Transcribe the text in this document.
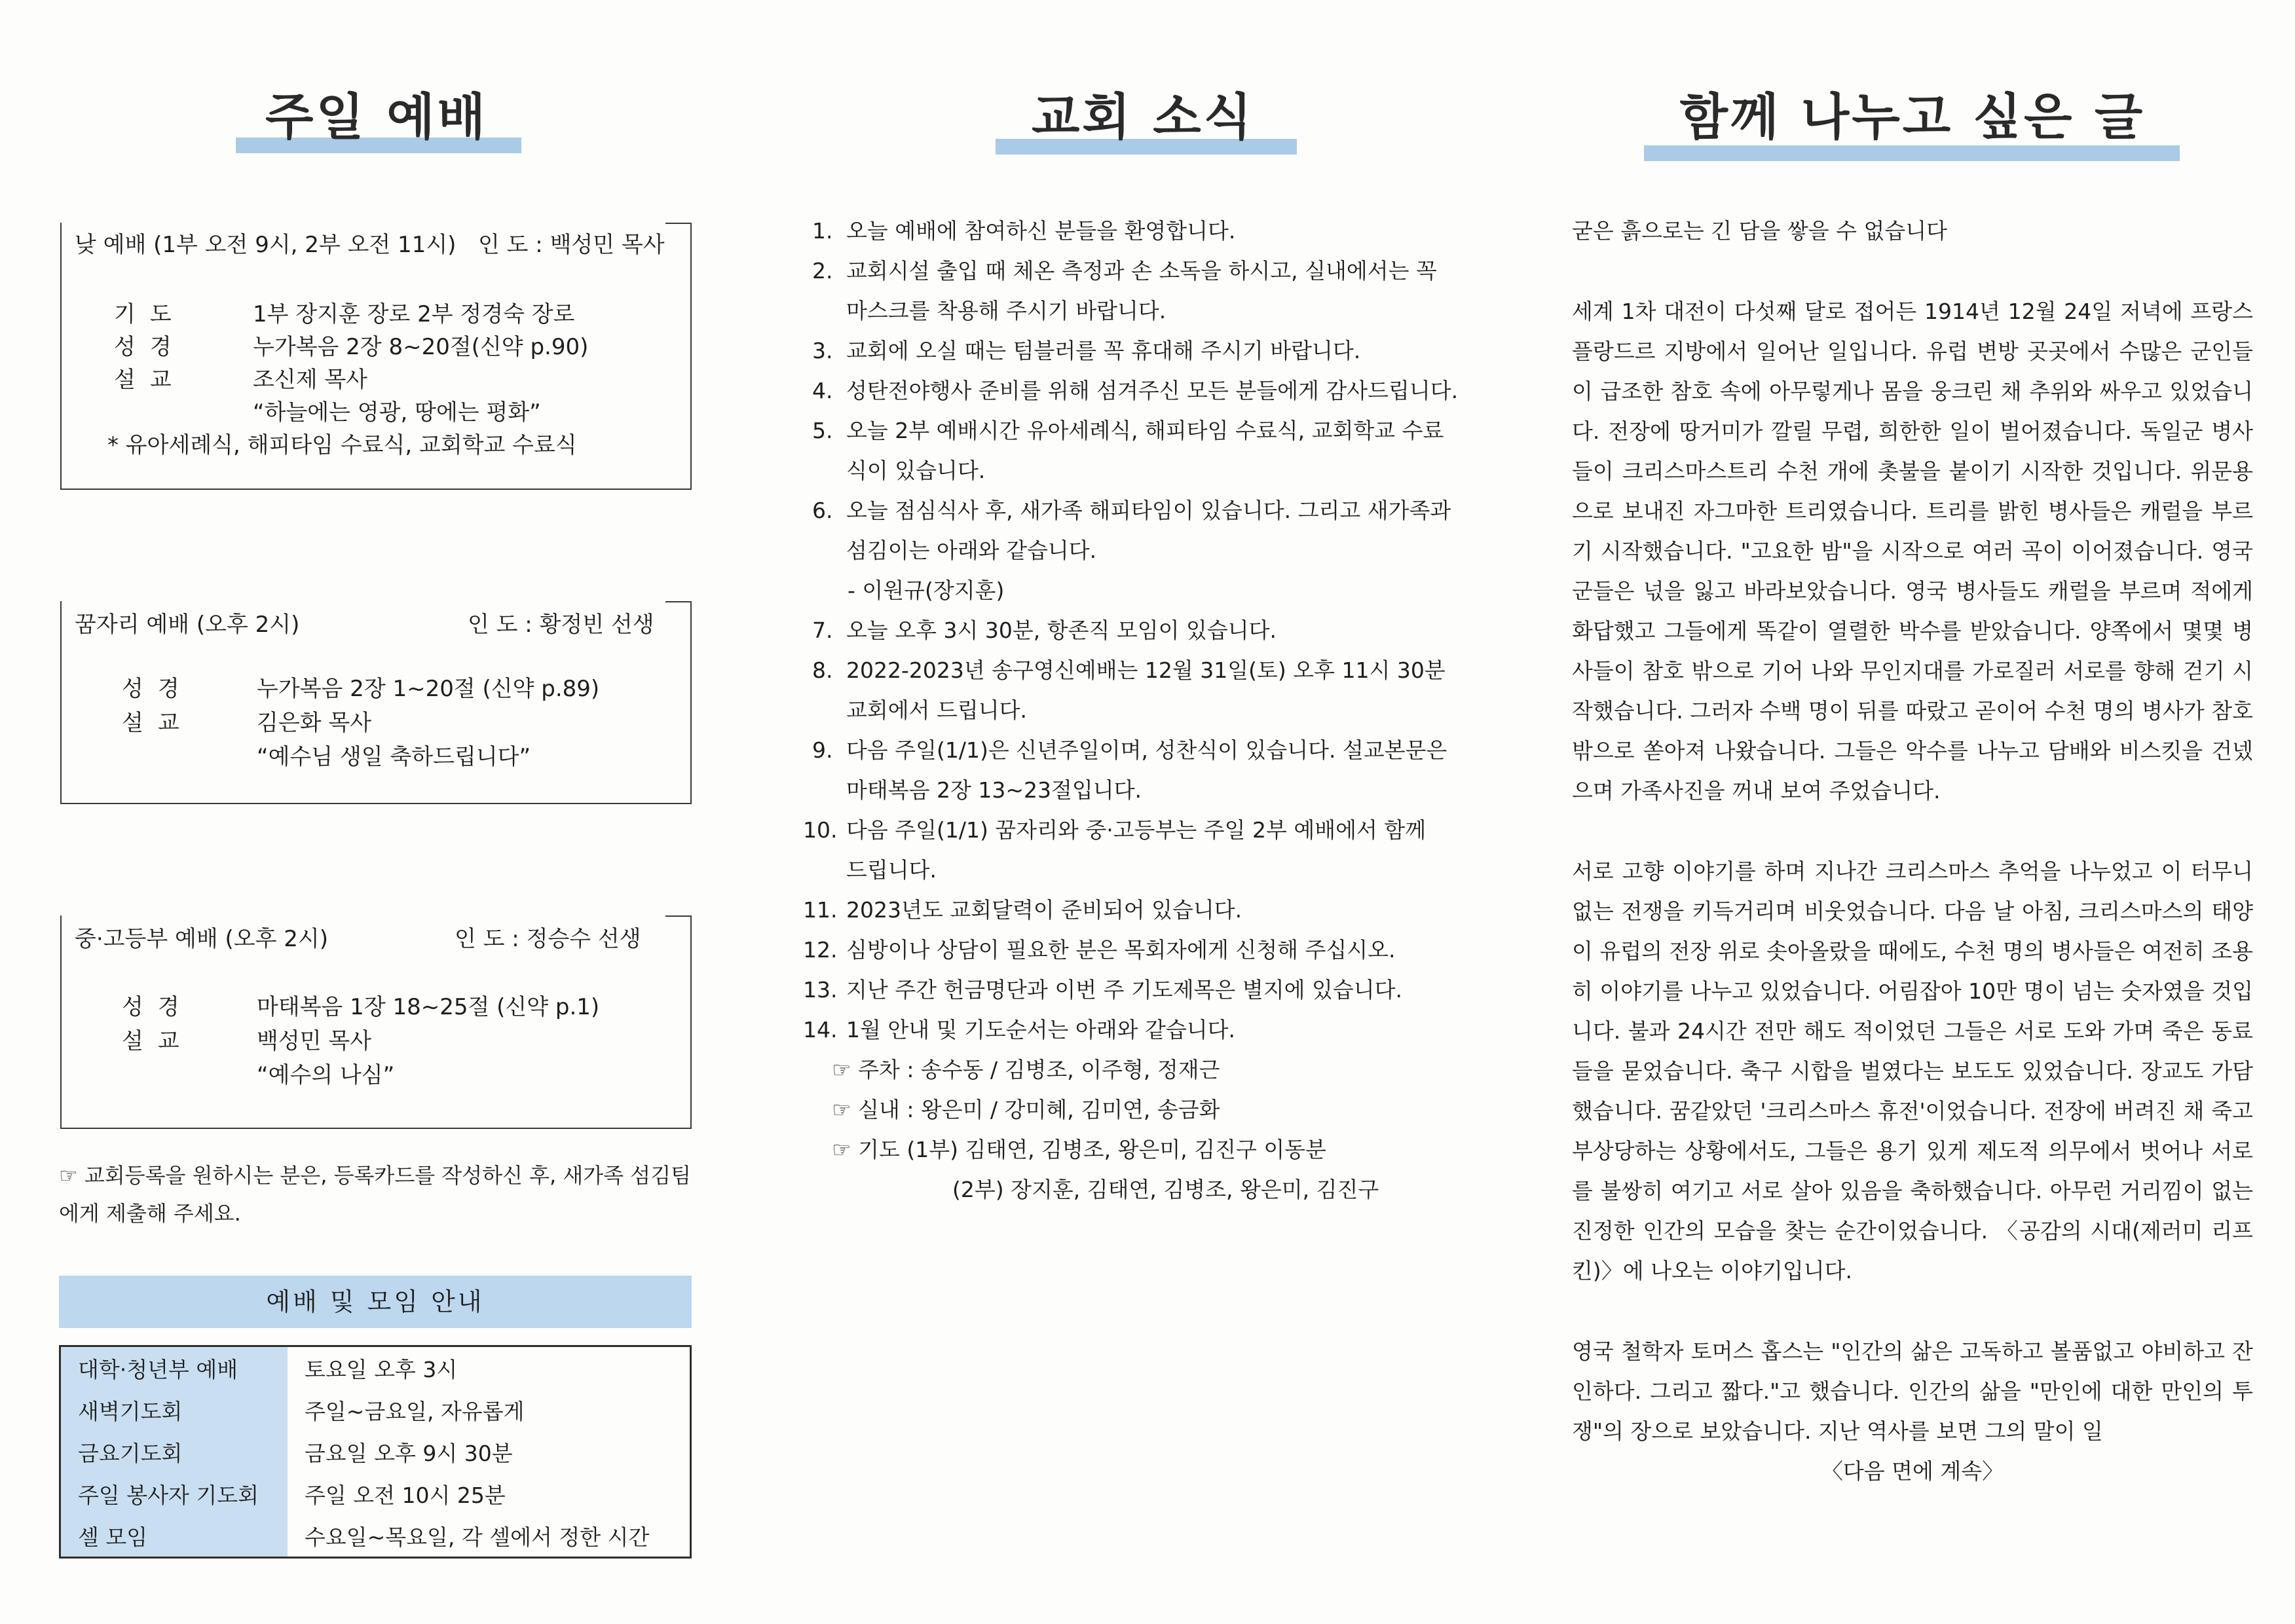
주일 예배
낮 예배 (1부 오전 9시, 2부 오전 11시) 인 도 : 백성민 목사
기도	1부 장지훈 장로 2부 정경숙 장로
성경	누가복음 2장 8~20절(신약 p.90)
설교	조신제 목사
“하늘에는 영광, 땅에는 평화”
* 유아세례식, 해피타임 수료식, 교회학교 수료식
꿈자리 예배 (오후 2시)	인 도 : 황정빈 선생
성경	누가복음 2장 1~20절 (신약 p.89)
설교	김은화 목사
“예수님 생일 축하드립니다”
중·고등부 예배 (오후 2시)	인 도 : 정승수 선생
성경	마태복음 1장 18~25절 (신약 p.1)
설교	백성민 목사
“예수의 나심”
☞ 교회등록을 원하시는 분은, 등록카드를 작성하신 후, 새가족 섬김팀에게 제출해 주세요.
예배 및 모임 안내
대학·청년부 예배	토요일 오후 3시
새벽기도회	주일~금요일, 자유롭게
금요기도회	금요일 오후 9시 30분
주일 봉사자 기도회	주일 오전 10시 25분
셀 모임	수요일~목요일, 각 셀에서 정한 시간
교회 소식
1. 오늘 예배에 참여하신 분들을 환영합니다.
2. 교회시설 출입 때 체온 측정과 손 소독을 하시고, 실내에서는 꼭
마스크를 착용해 주시기 바랍니다.
3. 교회에 오실 때는 텀블러를 꼭 휴대해 주시기 바랍니다.
4. 성탄전야행사 준비를 위해 섬겨주신 모든 분들에게 감사드립니다.
5. 오늘 2부 예배시간 유아세례식, 해피타임 수료식, 교회학교 수료
식이 있습니다.
6. 오늘 점심식사 후, 새가족 해피타임이 있습니다. 그리고 새가족과
섬김이는 아래와 같습니다.
- 이원규(장지훈)
7. 오늘 오후 3시 30분, 항존직 모임이 있습니다.
8. 2022-2023년 송구영신예배는 12월 31일(토) 오후 11시 30분
교회에서 드립니다.
9. 다음 주일(1/1)은 신년주일이며, 성찬식이 있습니다. 설교본문은
마태복음 2장 13~23절입니다.
10. 다음 주일(1/1) 꿈자리와 중·고등부는 주일 2부 예배에서 함께
드립니다.
11. 2023년도 교회달력이 준비되어 있습니다.
12. 심방이나 상담이 필요한 분은 목회자에게 신청해 주십시오.
13. 지난 주간 헌금명단과 이번 주 기도제목은 별지에 있습니다.
14. 1월 안내 및 기도순서는 아래와 같습니다.
☞ 주차 : 송수동 / 김병조, 이주형, 정재근
☞ 실내 : 왕은미 / 강미혜, 김미연, 송금화
☞ 기도 (1부) 김태연, 김병조, 왕은미, 김진구 이동분
(2부) 장지훈, 김태연, 김병조, 왕은미, 김진구
함께 나누고 싶은 글
굳은 흙으로는 긴 담을 쌓을 수 없습니다

세계 1차 대전이 다섯째 달로 접어든 1914년 12월 24일 저녁에 프랑스 플랑드르 지방에서 일어난 일입니다. 유럽 변방 곳곳에서 수많은 군인들이 급조한 참호 속에 아무렇게나 몸을 웅크린 채 추위와 싸우고 있었습니다. 전장에 땅거미가 깔릴 무렵, 희한한 일이 벌어졌습니다. 독일군 병사들이 크리스마스트리 수천 개에 촛불을 붙이기 시작한 것입니다. 위문용으로 보내진 자그마한 트리였습니다. 트리를 밝힌 병사들은 캐럴을 부르기 시작했습니다. "고요한 밤"을 시작으로 여러 곡이 이어졌습니다. 영국군들은 넋을 잃고 바라보았습니다. 영국 병사들도 캐럴을 부르며 적에게 화답했고 그들에게 똑같이 열렬한 박수를 받았습니다. 양쪽에서 몇몇 병사들이 참호 밖으로 기어 나와 무인지대를 가로질러 서로를 향해 걷기 시작했습니다. 그러자 수백 명이 뒤를 따랐고 곧이어 수천 명의 병사가 참호 밖으로 쏟아져 나왔습니다. 그들은 악수를 나누고 담배와 비스킷을 건넸으며 가족사진을 꺼내 보여 주었습니다.

서로 고향 이야기를 하며 지나간 크리스마스 추억을 나누었고 이 터무니없는 전쟁을 키득거리며 비웃었습니다. 다음 날 아침, 크리스마스의 태양이 유럽의 전장 위로 솟아올랐을 때에도, 수천 명의 병사들은 여전히 조용히 이야기를 나누고 있었습니다. 어림잡아 10만 명이 넘는 숫자였을 것입니다. 불과 24시간 전만 해도 적이었던 그들은 서로 도와 가며 죽은 동료들을 묻었습니다. 축구 시합을 벌였다는 보도도 있었습니다. 장교도 가담했습니다. 꿈같았던 '크리스마스 휴전'이었습니다. 전장에 버려진 채 죽고 부상당하는 상황에서도, 그들은 용기 있게 제도적 의무에서 벗어나 서로를 불쌍히 여기고 서로 살아 있음을 축하했습니다. 아무런 거리낌이 없는 진정한 인간의 모습을 찾는 순간이었습니다. 〈공감의 시대(제러미 리프킨)〉에 나오는 이야기입니다.

영국 철학자 토머스 홉스는 "인간의 삶은 고독하고 볼품없고 야비하고 잔인하다. 그리고 짧다."고 했습니다. 인간의 삶을 "만인에 대한 만인의 투쟁"의 장으로 보았습니다. 지난 역사를 보면 그의 말이 일

〈다음 면에 계속〉
